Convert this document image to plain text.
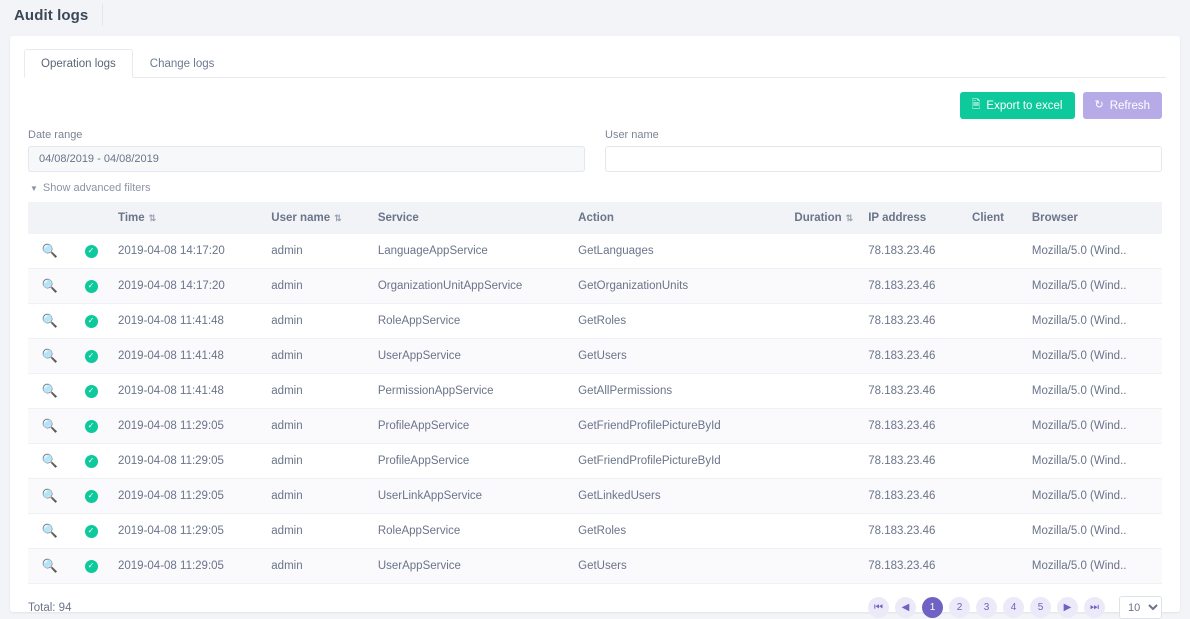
Audit logs
Operation logs	Change logs
🗎 Export to excel	↻ Refresh
Date range
04/08/2019 - 04/08/2019	User name
▼ Show advanced filters
		Time ⇅	User name ⇅	Service	Action	Duration ⇅	IP address	Client	Browser
🔍	✓	2019-04-08 14:17:20	admin	LanguageAppService	GetLanguages		78.183.23.46		Mozilla/5.0 (Wind..
🔍	✓	2019-04-08 14:17:20	admin	OrganizationUnitAppService	GetOrganizationUnits		78.183.23.46		Mozilla/5.0 (Wind..
🔍	✓	2019-04-08 11:41:48	admin	RoleAppService	GetRoles		78.183.23.46		Mozilla/5.0 (Wind..
🔍	✓	2019-04-08 11:41:48	admin	UserAppService	GetUsers		78.183.23.46		Mozilla/5.0 (Wind..
🔍	✓	2019-04-08 11:41:48	admin	PermissionAppService	GetAllPermissions		78.183.23.46		Mozilla/5.0 (Wind..
🔍	✓	2019-04-08 11:29:05	admin	ProfileAppService	GetFriendProfilePictureById		78.183.23.46		Mozilla/5.0 (Wind..
🔍	✓	2019-04-08 11:29:05	admin	ProfileAppService	GetFriendProfilePictureById		78.183.23.46		Mozilla/5.0 (Wind..
🔍	✓	2019-04-08 11:29:05	admin	UserLinkAppService	GetLinkedUsers		78.183.23.46		Mozilla/5.0 (Wind..
🔍	✓	2019-04-08 11:29:05	admin	RoleAppService	GetRoles		78.183.23.46		Mozilla/5.0 (Wind..
🔍	✓	2019-04-08 11:29:05	admin	UserAppService	GetUsers		78.183.23.46		Mozilla/5.0 (Wind..
Total: 94	⏮	◀	1	2	3	4	5	▶	⏭
10
